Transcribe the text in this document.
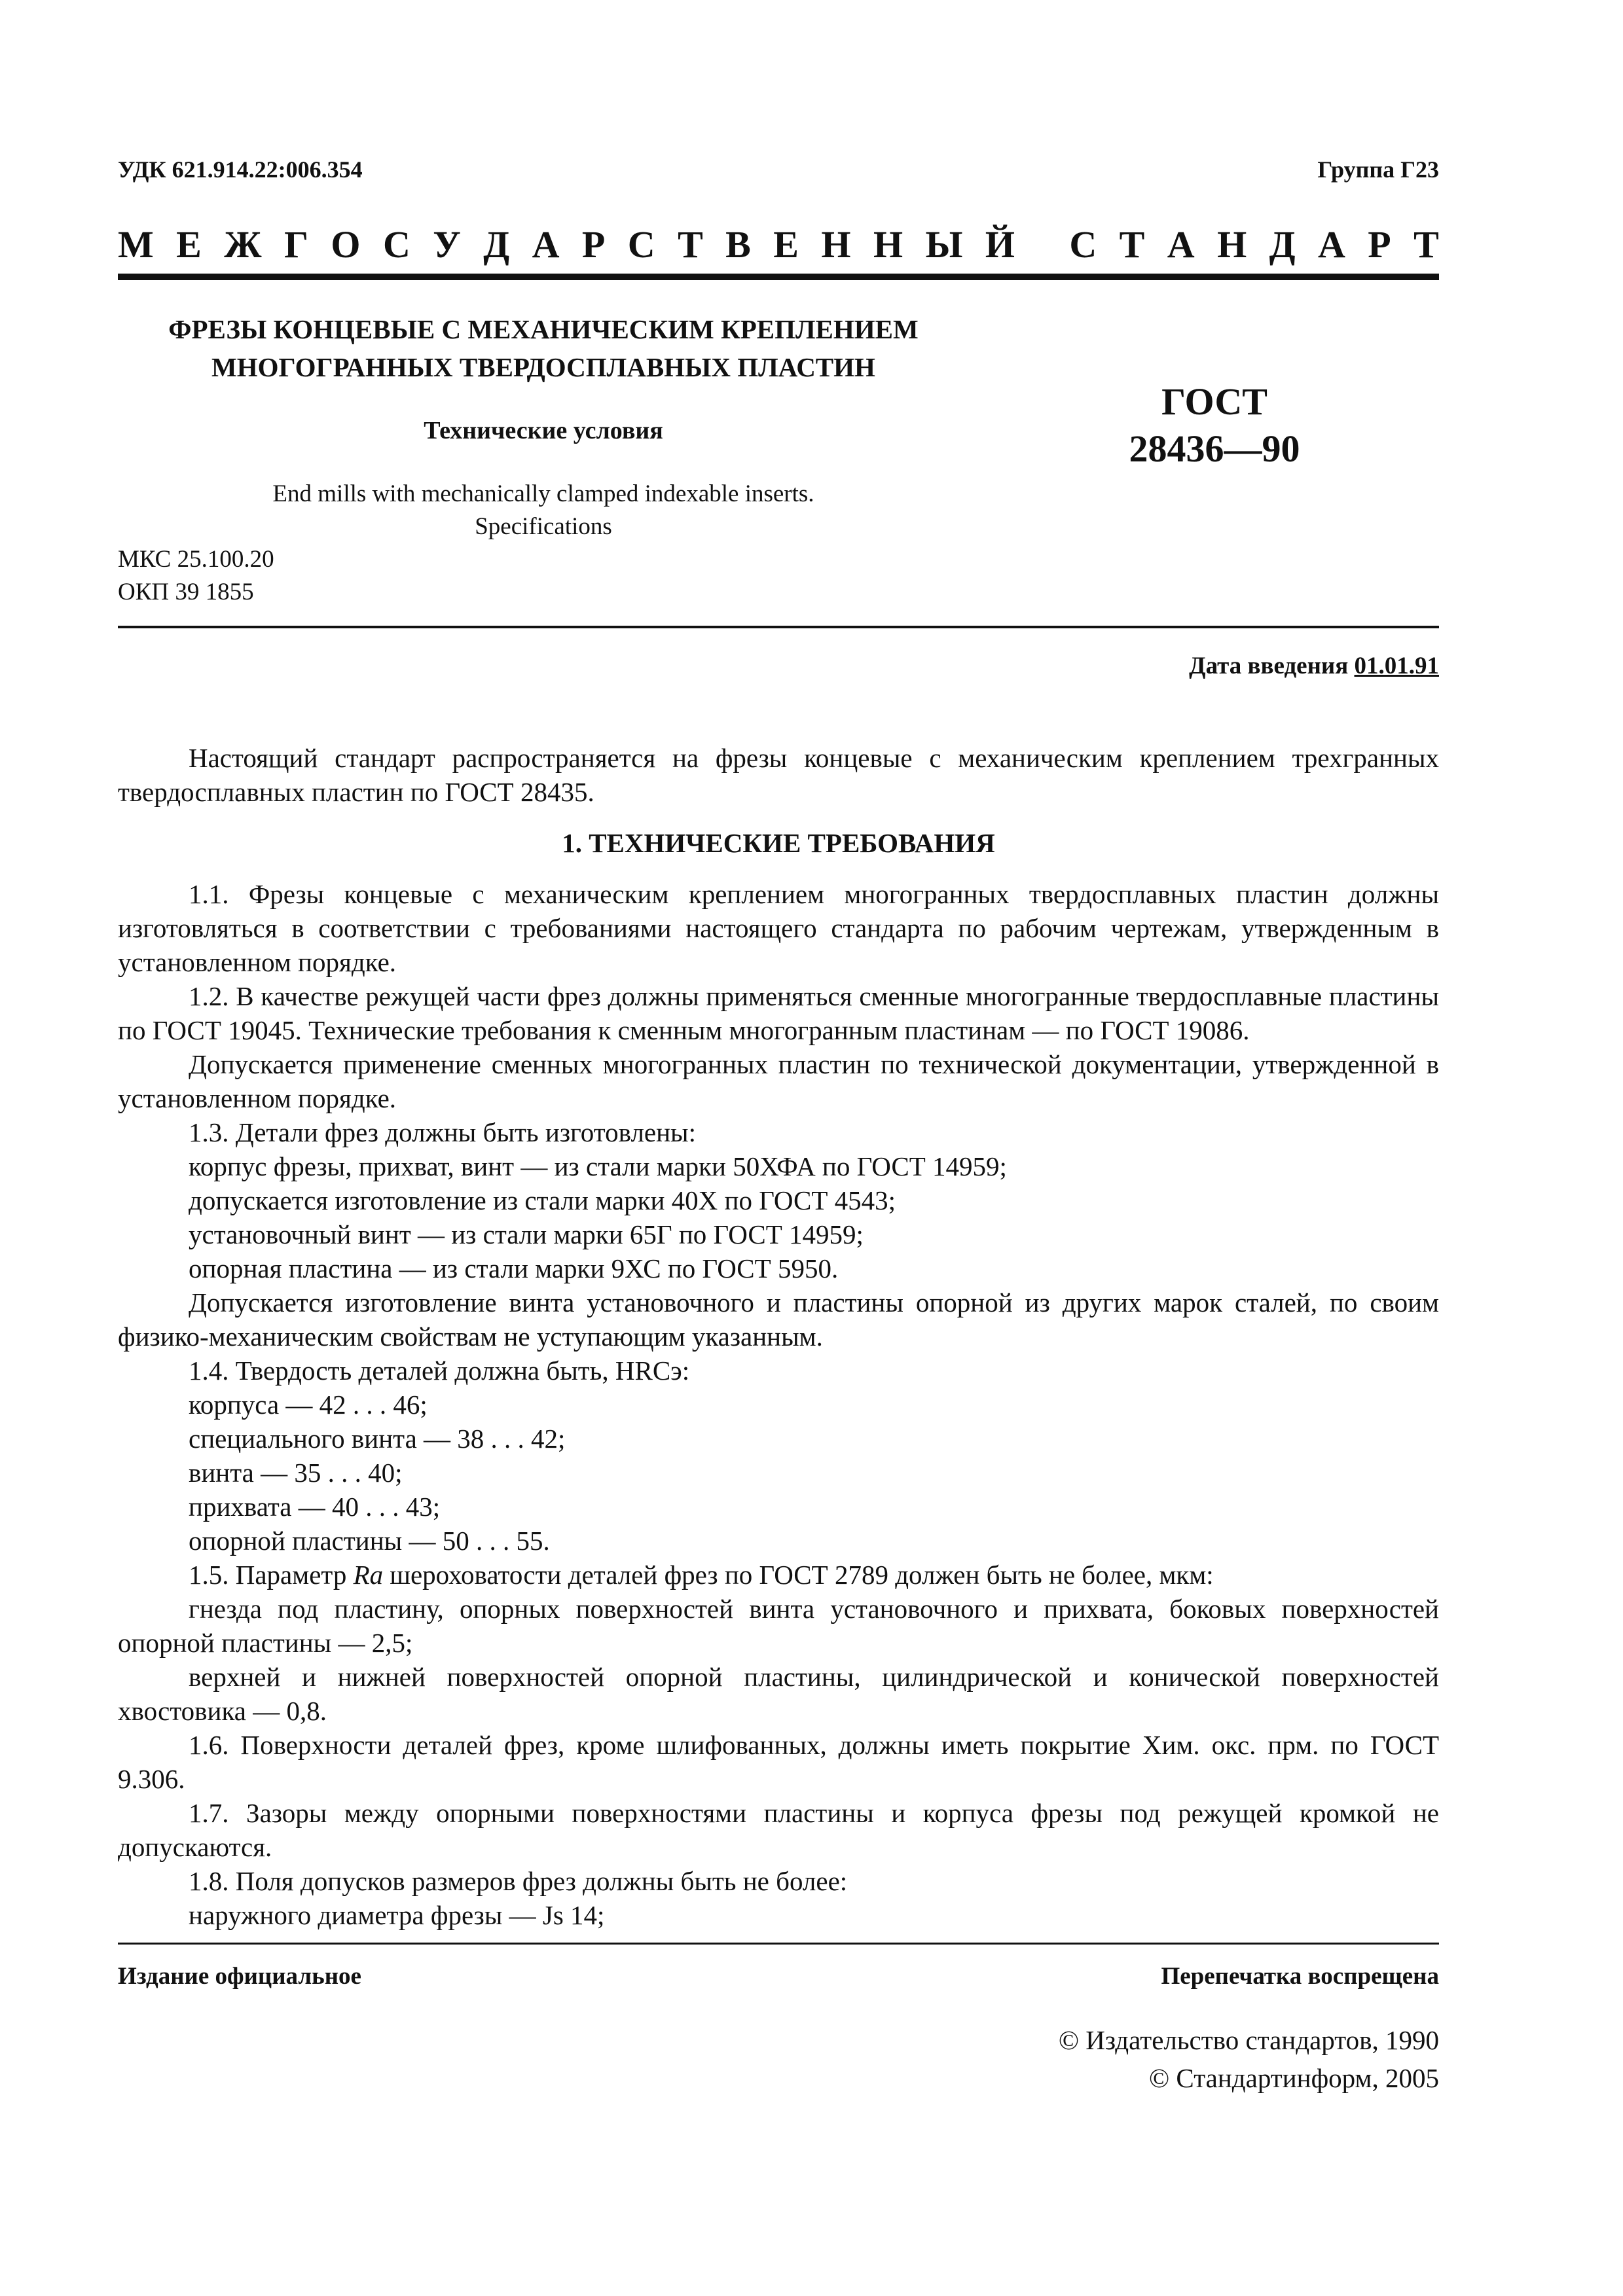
УДК 621.914.22:006.354	Группа Г23
М Е Ж Г О С У Д А Р С Т В Е Н Н Ы Й
С Т А Н Д А Р Т
ФРЕЗЫ КОНЦЕВЫЕ С МЕХАНИЧЕСКИМ КРЕПЛЕНИЕМ
МНОГОГРАННЫХ ТВЕРДОСПЛАВНЫХ ПЛАСТИН
Технические условия
ГОСТ
28436—90
End mills with mechanically clamped indexable inserts.
Specifications
МКС 25.100.20
ОКП 39 1855
Дата введения 01.01.91

Настоящий стандарт распространяется на фрезы концевые с механическим креплением трехгранных твердосплавных пластин по ГОСТ 28435.

1. ТЕХНИЧЕСКИЕ ТРЕБОВАНИЯ

1.1. Фрезы концевые с механическим креплением многогранных твердосплавных пластин должны изготовляться в соответствии с требованиями настоящего стандарта по рабочим чертежам, утвержденным в установленном порядке.

1.2. В качестве режущей части фрез должны применяться сменные многогранные твердосплавные пластины по ГОСТ 19045. Технические требования к сменным многогранным пластинам — по ГОСТ 19086.

Допускается применение сменных многогранных пластин по технической документации, утвержденной в установленном порядке.

1.3. Детали фрез должны быть изготовлены:

корпус фрезы, прихват, винт — из стали марки 50ХФА по ГОСТ 14959;

допускается изготовление из стали марки 40Х по ГОСТ 4543;

установочный винт — из стали марки 65Г по ГОСТ 14959;

опорная пластина — из стали марки 9ХС по ГОСТ 5950.

Допускается изготовление винта установочного и пластины опорной из других марок сталей, по своим физико-механическим свойствам не уступающим указанным.

1.4. Твердость деталей должна быть, HRCэ:

корпуса — 42 . . . 46;

специального винта — 38 . . . 42;

винта — 35 . . . 40;

прихвата — 40 . . . 43;

опорной пластины — 50 . . . 55.

1.5. Параметр Ra шероховатости деталей фрез по ГОСТ 2789 должен быть не более, мкм:

гнезда под пластину, опорных поверхностей винта установочного и прихвата, боковых поверхностей опорной пластины — 2,5;

верхней и нижней поверхностей опорной пластины, цилиндрической и конической поверхностей хвостовика — 0,8.

1.6. Поверхности деталей фрез, кроме шлифованных, должны иметь покрытие Хим. окс. прм. по ГОСТ 9.306.

1.7. Зазоры между опорными поверхностями пластины и корпуса фрезы под режущей кромкой не допускаются.

1.8. Поля допусков размеров фрез должны быть не более:

наружного диаметра фрезы — Js 14;

Издание официальное	Перепечатка воспрещена
© Издательство стандартов, 1990
© Стандартинформ, 2005
